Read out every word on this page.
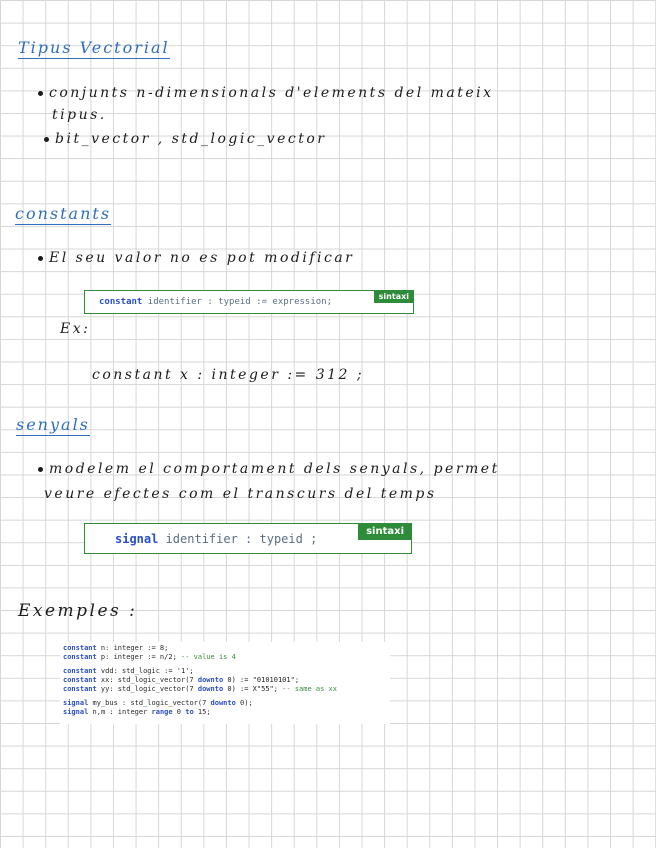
Tipus Vectorial
conjunts n-dimensionals d'elements del mateix
tipus.
bit_vector , std_logic_vector
constants
El seu valor no es pot modificar
constant identifier : typeid := expression;
sintaxi
Ex:
constant x : integer := 312 ;
senyals
modelem el comportament dels senyals, permet
veure efectes com el transcurs del temps
signal identifier : typeid ;	sintaxi
Exemples :
constant n: integer := 8;
constant p: integer := n/2; -- value is 4
constant vdd: std_logic := '1';
constant xx: std_logic_vector(7 downto 0) := "01010101";
constant yy: std_logic_vector(7 downto 0) := X"55"; -- same as xx
signal my_bus : std_logic_vector(7 downto 0);
signal n,m : integer range 0 to 15;
